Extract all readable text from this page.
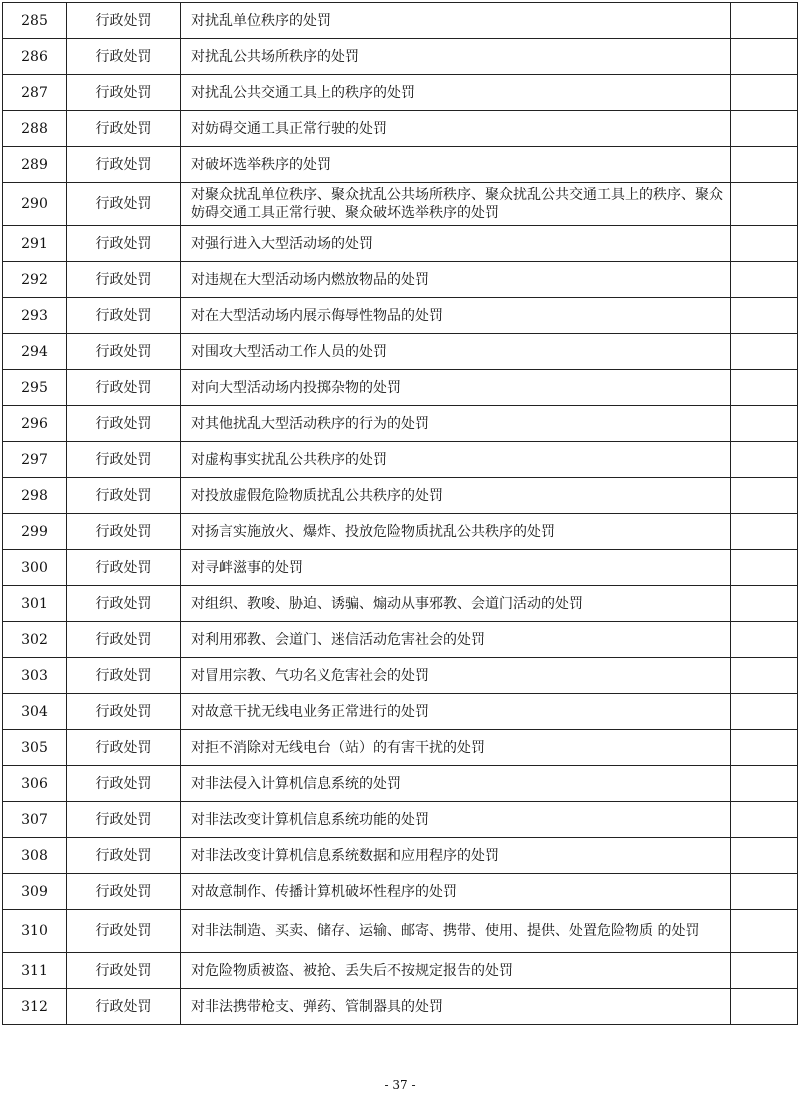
285	行政处罚	对扰乱单位秩序的处罚	
286	行政处罚	对扰乱公共场所秩序的处罚	
287	行政处罚	对扰乱公共交通工具上的秩序的处罚	
288	行政处罚	对妨碍交通工具正常行驶的处罚	
289	行政处罚	对破坏选举秩序的处罚	
290	行政处罚	对聚众扰乱单位秩序、聚众扰乱公共场所秩序、聚众扰乱公共交通工具上的秩序、聚众妨碍交通工具正常行驶、聚众破坏选举秩序的处罚	
291	行政处罚	对强行进入大型活动场的处罚	
292	行政处罚	对违规在大型活动场内燃放物品的处罚	
293	行政处罚	对在大型活动场内展示侮辱性物品的处罚	
294	行政处罚	对围攻大型活动工作人员的处罚	
295	行政处罚	对向大型活动场内投掷杂物的处罚	
296	行政处罚	对其他扰乱大型活动秩序的行为的处罚	
297	行政处罚	对虚构事实扰乱公共秩序的处罚	
298	行政处罚	对投放虚假危险物质扰乱公共秩序的处罚	
299	行政处罚	对扬言实施放火、爆炸、投放危险物质扰乱公共秩序的处罚	
300	行政处罚	对寻衅滋事的处罚	
301	行政处罚	对组织、教唆、胁迫、诱骗、煽动从事邪教、会道门活动的处罚	
302	行政处罚	对利用邪教、会道门、迷信活动危害社会的处罚	
303	行政处罚	对冒用宗教、气功名义危害社会的处罚	
304	行政处罚	对故意干扰无线电业务正常进行的处罚	
305	行政处罚	对拒不消除对无线电台（站）的有害干扰的处罚	
306	行政处罚	对非法侵入计算机信息系统的处罚	
307	行政处罚	对非法改变计算机信息系统功能的处罚	
308	行政处罚	对非法改变计算机信息系统数据和应用程序的处罚	
309	行政处罚	对故意制作、传播计算机破坏性程序的处罚	
310	行政处罚	对非法制造、买卖、储存、运输、邮寄、携带、使用、提供、处置危险物质 的处罚	
311	行政处罚	对危险物质被盗、被抢、丢失后不按规定报告的处罚	
312	行政处罚	对非法携带枪支、弹药、管制器具的处罚	
- 37 -
